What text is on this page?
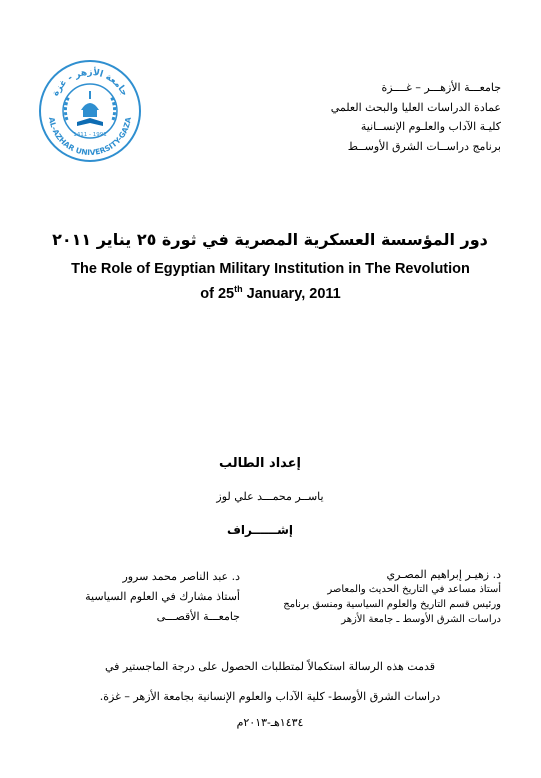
جامعـــة الأزهـــر – غــــزة
عمادة الدراسات العليا والبحث العلمي
كليـة الآداب والعلـوم الإنســانية
برنامج دراســات الشرق الأوســط
جامعة الأزهر - غزة
AL-AZHAR UNIVERSITY-GAZA
1411 - 1991
دور المؤسسة العسكرية المصرية في ثورة ٢٥ يناير ٢٠١١
The Role of Egyptian Military Institution in The Revolution
of 25th January, 2011
إعداد الطالب
ياســر محمـــد علي لوز
إشــــــراف
د. زهيـر إبراهيم المصـري
أستاذ مساعد في التاريخ الحديث والمعاصر
ورئيس قسم التاريخ والعلوم السياسية ومنسق برنامج
دراسات الشرق الأوسط ـ جامعة الأزهر
د. عبد الناصر محمد سرور
أستاذ مشارك في العلوم السياسية
جامعـــة الأقصـــى
قدمت هذه الرسالة استكمالاً لمتطلبات الحصول على درجة الماجستير في
دراسات الشرق الأوسط- كلية الآداب والعلوم الإنسانية بجامعة الأزهر – غزة.
١٤٣٤هـ-٢٠١٣م
